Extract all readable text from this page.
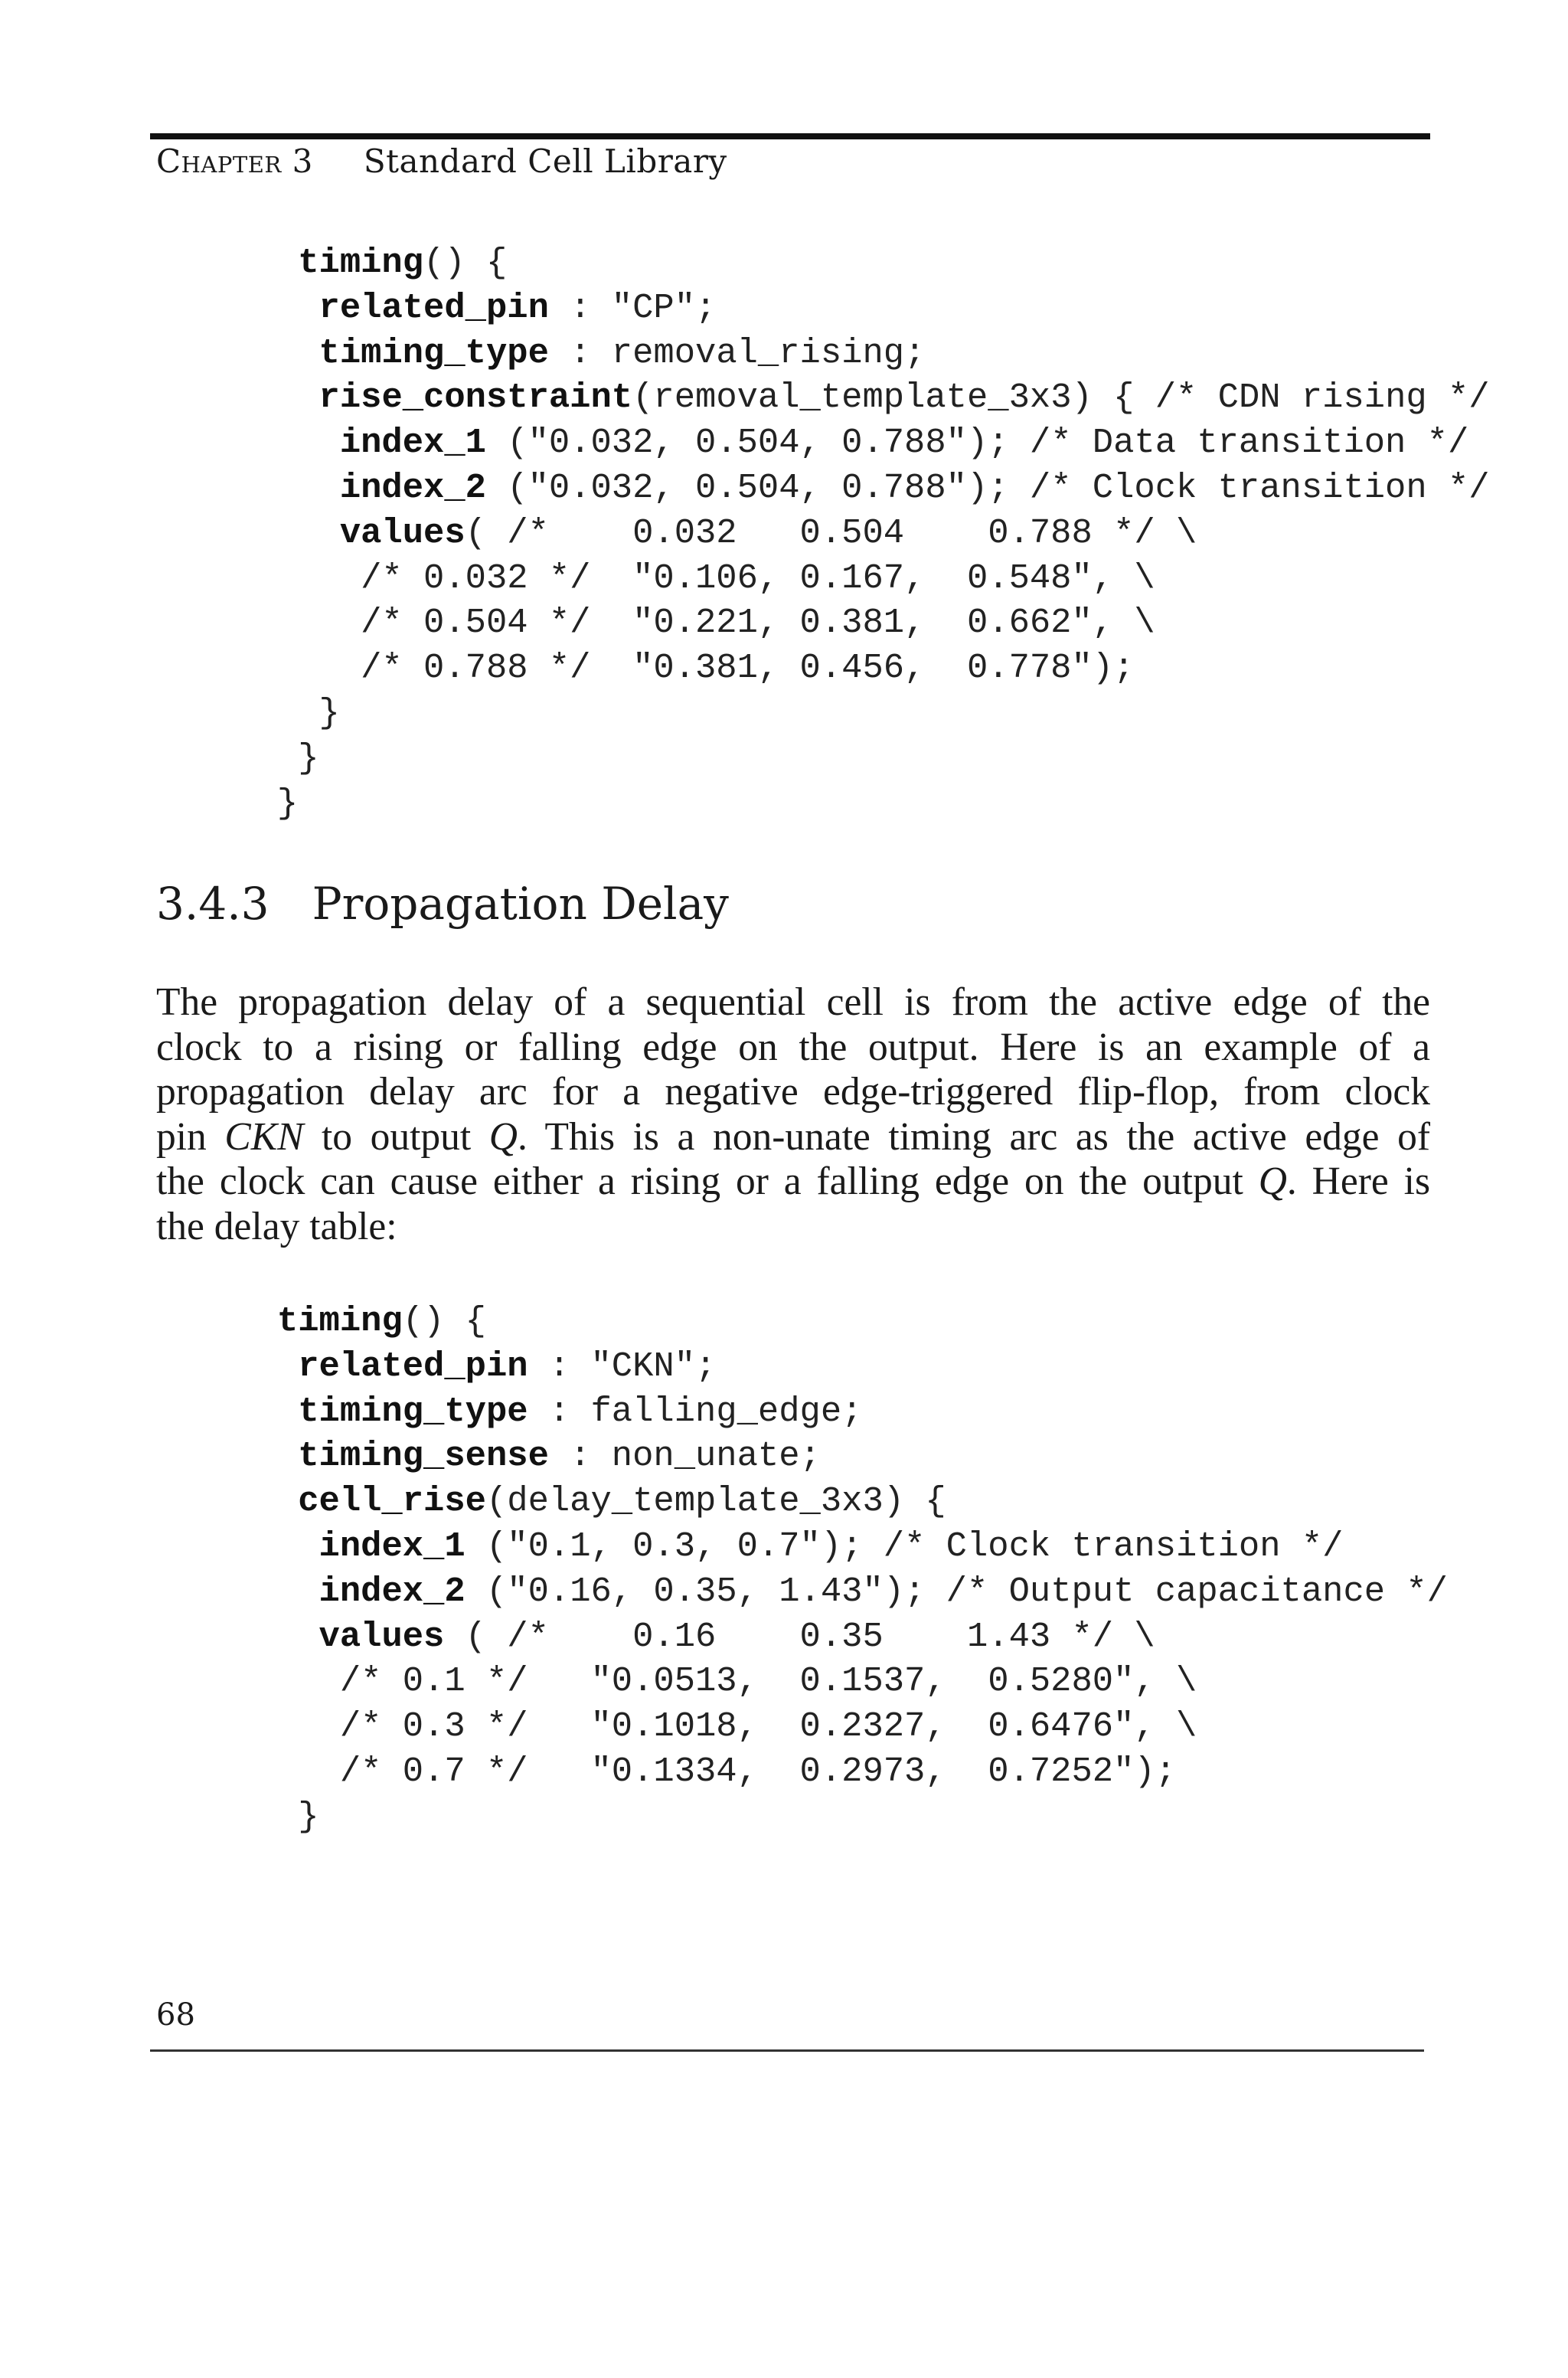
Chapter 3 Standard Cell Library
timing() {
related_pin : "CP";
timing_type : removal_rising;
rise_constraint(removal_template_3x3) { /* CDN rising */
index_1 ("0.032, 0.504, 0.788"); /* Data transition */
index_2 ("0.032, 0.504, 0.788"); /* Clock transition */
values( /*    0.032   0.504    0.788 */ \
/* 0.032 */  "0.106, 0.167,  0.548", \
/* 0.504 */  "0.221, 0.381,  0.662", \
/* 0.788 */  "0.381, 0.456,  0.778");
}
}
}

3.4.3 Propagation Delay

The propagation delay of a sequential cell is from the active edge of the
clock to a rising or falling edge on the output. Here is an example of a
propagation delay arc for a negative edge-triggered flip-flop, from clock
pin CKN to output Q. This is a non-unate timing arc as the active edge of
the clock can cause either a rising or a falling edge on the output Q. Here is
the delay table:

timing() {
related_pin : "CKN";
timing_type : falling_edge;
timing_sense : non_unate;
cell_rise(delay_template_3x3) {
index_1 ("0.1, 0.3, 0.7"); /* Clock transition */
index_2 ("0.16, 0.35, 1.43"); /* Output capacitance */
values ( /*    0.16    0.35    1.43 */ \
/* 0.1 */   "0.0513,  0.1537,  0.5280", \
/* 0.3 */   "0.1018,  0.2327,  0.6476", \
/* 0.7 */   "0.1334,  0.2973,  0.7252");
}

68
